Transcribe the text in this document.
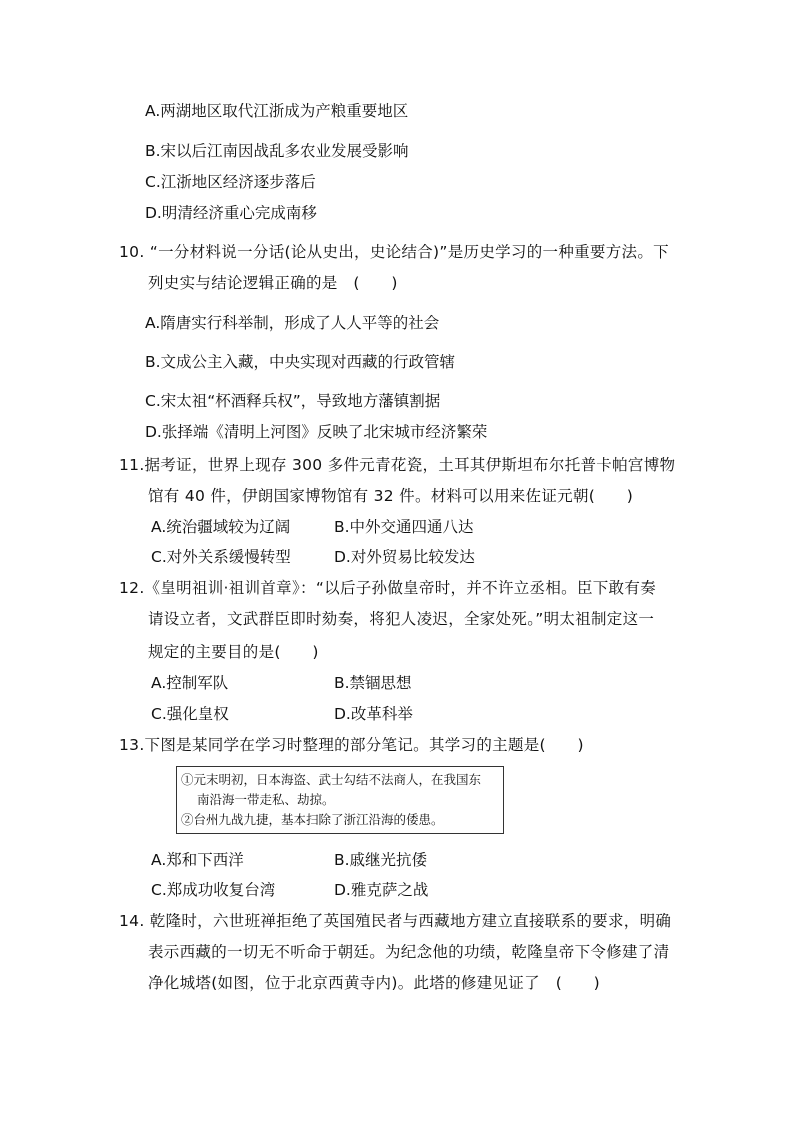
A.两湖地区取代江浙成为产粮重要地区
B.宋以后江南因战乱多农业发展受影响
C.江浙地区经济逐步落后
D.明清经济重心完成南移
10. “一分材料说一分话(论从史出，史论结合)”是历史学习的一种重要方法。下
列史实与结论逻辑正确的是　(　　)
A.隋唐实行科举制，形成了人人平等的社会
B.文成公主入藏，中央实现对西藏的行政管辖
C.宋太祖“杯酒释兵权”，导致地方藩镇割据
D.张择端《清明上河图》反映了北宋城市经济繁荣
11.据考证，世界上现存 300 多件元青花瓷，土耳其伊斯坦布尔托普卡帕宫博物
馆有 40 件，伊朗国家博物馆有 32 件。材料可以用来佐证元朝(　　)
A.统治疆域较为辽阔	B.中外交通四通八达
C.对外关系缓慢转型	D.对外贸易比较发达
12.《皇明祖训·祖训首章》：“以后子孙做皇帝时，并不许立丞相。臣下敢有奏
请设立者，文武群臣即时劾奏，将犯人凌迟，全家处死。”明太祖制定这一
规定的主要目的是(　　)
A.控制军队	B.禁锢思想
C.强化皇权	D.改革科举
13.下图是某同学在学习时整理的部分笔记。其学习的主题是(　　)
①元末明初，日本海盗、武士勾结不法商人，在我国东
南沿海一带走私、劫掠。
②台州九战九捷，基本扫除了浙江沿海的倭患。
A.郑和下西洋	B.戚继光抗倭
C.郑成功收复台湾	D.雅克萨之战
14. 乾隆时，六世班禅拒绝了英国殖民者与西藏地方建立直接联系的要求，明确
表示西藏的一切无不听命于朝廷。为纪念他的功绩，乾隆皇帝下令修建了清
净化城塔(如图，位于北京西黄寺内)。此塔的修建见证了　(　　)
